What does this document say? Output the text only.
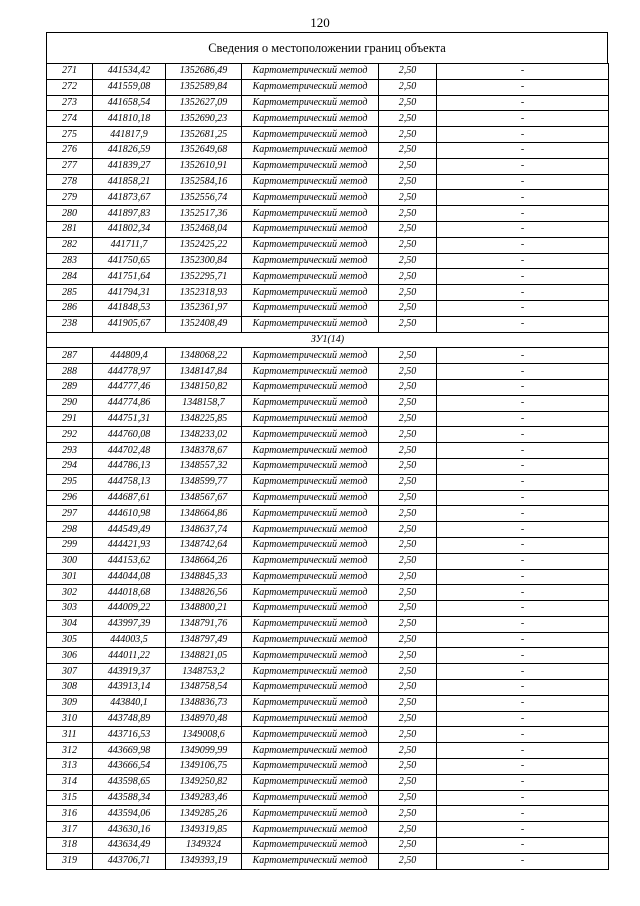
120
Сведения о местоположении границ объекта
271	441534,42	1352686,49	Картометрический метод	2,50	-
272	441559,08	1352589,84	Картометрический метод	2,50	-
273	441658,54	1352627,09	Картометрический метод	2,50	-
274	441810,18	1352690,23	Картометрический метод	2,50	-
275	441817,9	1352681,25	Картометрический метод	2,50	-
276	441826,59	1352649,68	Картометрический метод	2,50	-
277	441839,27	1352610,91	Картометрический метод	2,50	-
278	441858,21	1352584,16	Картометрический метод	2,50	-
279	441873,67	1352556,74	Картометрический метод	2,50	-
280	441897,83	1352517,36	Картометрический метод	2,50	-
281	441802,34	1352468,04	Картометрический метод	2,50	-
282	441711,7	1352425,22	Картометрический метод	2,50	-
283	441750,65	1352300,84	Картометрический метод	2,50	-
284	441751,64	1352295,71	Картометрический метод	2,50	-
285	441794,31	1352318,93	Картометрический метод	2,50	-
286	441848,53	1352361,97	Картометрический метод	2,50	-
238	441905,67	1352408,49	Картометрический метод	2,50	-
ЗУ1(14)					
287	444809,4	1348068,22	Картометрический метод	2,50	-
288	444778,97	1348147,84	Картометрический метод	2,50	-
289	444777,46	1348150,82	Картометрический метод	2,50	-
290	444774,86	1348158,7	Картометрический метод	2,50	-
291	444751,31	1348225,85	Картометрический метод	2,50	-
292	444760,08	1348233,02	Картометрический метод	2,50	-
293	444702,48	1348378,67	Картометрический метод	2,50	-
294	444786,13	1348557,32	Картометрический метод	2,50	-
295	444758,13	1348599,77	Картометрический метод	2,50	-
296	444687,61	1348567,67	Картометрический метод	2,50	-
297	444610,98	1348664,86	Картометрический метод	2,50	-
298	444549,49	1348637,74	Картометрический метод	2,50	-
299	444421,93	1348742,64	Картометрический метод	2,50	-
300	444153,62	1348664,26	Картометрический метод	2,50	-
301	444044,08	1348845,33	Картометрический метод	2,50	-
302	444018,68	1348826,56	Картометрический метод	2,50	-
303	444009,22	1348800,21	Картометрический метод	2,50	-
304	443997,39	1348791,76	Картометрический метод	2,50	-
305	444003,5	1348797,49	Картометрический метод	2,50	-
306	444011,22	1348821,05	Картометрический метод	2,50	-
307	443919,37	1348753,2	Картометрический метод	2,50	-
308	443913,14	1348758,54	Картометрический метод	2,50	-
309	443840,1	1348836,73	Картометрический метод	2,50	-
310	443748,89	1348970,48	Картометрический метод	2,50	-
311	443716,53	1349008,6	Картометрический метод	2,50	-
312	443669,98	1349099,99	Картометрический метод	2,50	-
313	443666,54	1349106,75	Картометрический метод	2,50	-
314	443598,65	1349250,82	Картометрический метод	2,50	-
315	443588,34	1349283,46	Картометрический метод	2,50	-
316	443594,06	1349285,26	Картометрический метод	2,50	-
317	443630,16	1349319,85	Картометрический метод	2,50	-
318	443634,49	1349324	Картометрический метод	2,50	-
319	443706,71	1349393,19	Картометрический метод	2,50	-
